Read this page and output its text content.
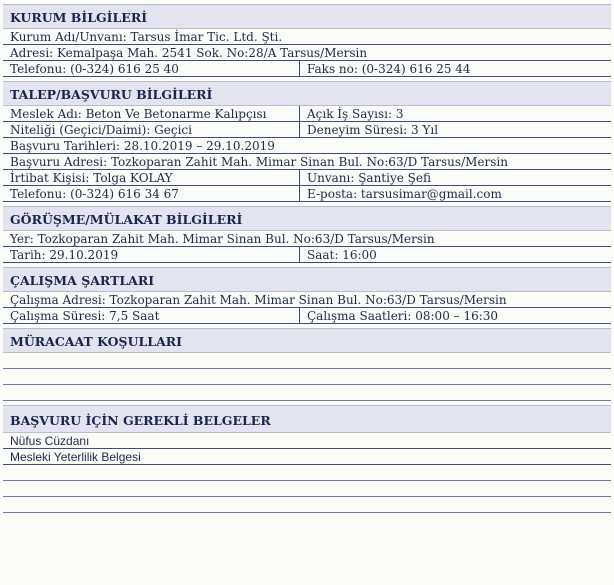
KURUM BİLGİLERİ
Kurum Adı/Unvanı: Tarsus İmar Tic. Ltd. Şti.
Adresi: Kemalpaşa Mah. 2541 Sok. No:28/A Tarsus/Mersin
Telefonu: (0-324) 616 25 40	Faks no: (0-324) 616 25 44
TALEP/BAŞVURU BİLGİLERİ
Meslek Adı: Beton Ve Betonarme Kalıpçısı	Açık İş Sayısı: 3
Niteliği (Geçici/Daimi): Geçici	Deneyim Süresi: 3 Yıl
Başvuru Tarihleri: 28.10.2019 – 29.10.2019
Başvuru Adresi: Tozkoparan Zahit Mah. Mimar Sinan Bul. No:63/D Tarsus/Mersin
İrtibat Kişisi: Tolga KOLAY	Unvanı: Şantiye Şefi
Telefonu: (0-324) 616 34 67	E-posta: tarsusimar@gmail.com
GÖRÜŞME/MÜLAKAT BİLGİLERİ
Yer: Tozkoparan Zahit Mah. Mimar Sinan Bul. No:63/D Tarsus/Mersin
Tarih: 29.10.2019	Saat: 16:00
ÇALIŞMA ŞARTLARI
Çalışma Adresi: Tozkoparan Zahit Mah. Mimar Sinan Bul. No:63/D Tarsus/Mersin
Çalışma Süresi: 7,5 Saat	Çalışma Saatleri: 08:00 – 16:30
MÜRACAAT KOŞULLARI
BAŞVURU İÇİN GEREKLİ BELGELER
Nüfus Cüzdanı
Mesleki Yeterlilik Belgesi
